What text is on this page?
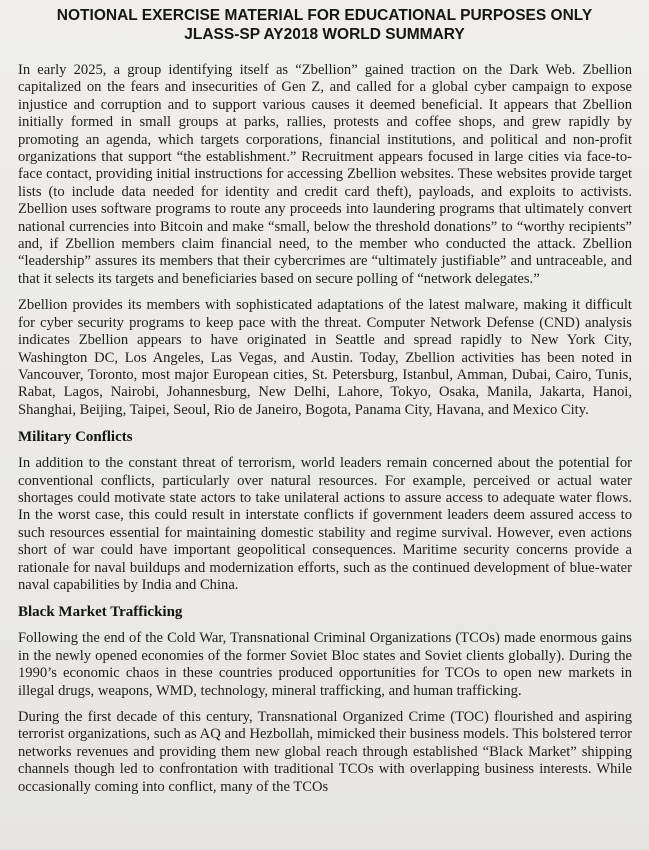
NOTIONAL EXERCISE MATERIAL FOR EDUCATIONAL PURPOSES ONLY
JLASS-SP AY2018 WORLD SUMMARY

In early 2025, a group identifying itself as “Zbellion” gained traction on the Dark Web. Zbellion capitalized on the fears and insecurities of Gen Z, and called for a global cyber campaign to expose injustice and corruption and to support various causes it deemed beneficial. It appears that Zbellion initially formed in small groups at parks, rallies, protests and coffee shops, and grew rapidly by promoting an agenda, which targets corporations, financial institutions, and political and non-profit organizations that support “the establishment.” Recruitment appears focused in large cities via face-to-face contact, providing initial instructions for accessing Zbellion websites. These websites provide target lists (to include data needed for identity and credit card theft), payloads, and exploits to activists. Zbellion uses software programs to route any proceeds into laundering programs that ultimately convert national currencies into Bitcoin and make “small, below the threshold donations” to “worthy recipients” and, if Zbellion members claim financial need, to the member who conducted the attack. Zbellion “leadership” assures its members that their cybercrimes are “ultimately justifiable” and untraceable, and that it selects its targets and beneficiaries based on secure polling of “network delegates.”

Zbellion provides its members with sophisticated adaptations of the latest malware, making it difficult for cyber security programs to keep pace with the threat. Computer Network Defense (CND) analysis indicates Zbellion appears to have originated in Seattle and spread rapidly to New York City, Washington DC, Los Angeles, Las Vegas, and Austin. Today, Zbellion activities has been noted in Vancouver, Toronto, most major European cities, St. Petersburg, Istanbul, Amman, Dubai, Cairo, Tunis, Rabat, Lagos, Nairobi, Johannesburg, New Delhi, Lahore, Tokyo, Osaka, Manila, Jakarta, Hanoi, Shanghai, Beijing, Taipei, Seoul, Rio de Janeiro, Bogota, Panama City, Havana, and Mexico City.

Military Conflicts

In addition to the constant threat of terrorism, world leaders remain concerned about the potential for conventional conflicts, particularly over natural resources. For example, perceived or actual water shortages could motivate state actors to take unilateral actions to assure access to adequate water flows. In the worst case, this could result in interstate conflicts if government leaders deem assured access to such resources essential for maintaining domestic stability and regime survival. However, even actions short of war could have important geopolitical consequences. Maritime security concerns provide a rationale for naval buildups and modernization efforts, such as the continued development of blue-water naval capabilities by India and China.

Black Market Trafficking

Following the end of the Cold War, Transnational Criminal Organizations (TCOs) made enormous gains in the newly opened economies of the former Soviet Bloc states and Soviet clients globally). During the 1990’s economic chaos in these countries produced opportunities for TCOs to open new markets in illegal drugs, weapons, WMD, technology, mineral trafficking, and human trafficking.

During the first decade of this century, Transnational Organized Crime (TOC) flourished and aspiring terrorist organizations, such as AQ and Hezbollah, mimicked their business models. This bolstered terror networks revenues and providing them new global reach through established “Black Market” shipping channels though led to confrontation with traditional TCOs with overlapping business interests. While occasionally coming into conflict, many of the TCOs
